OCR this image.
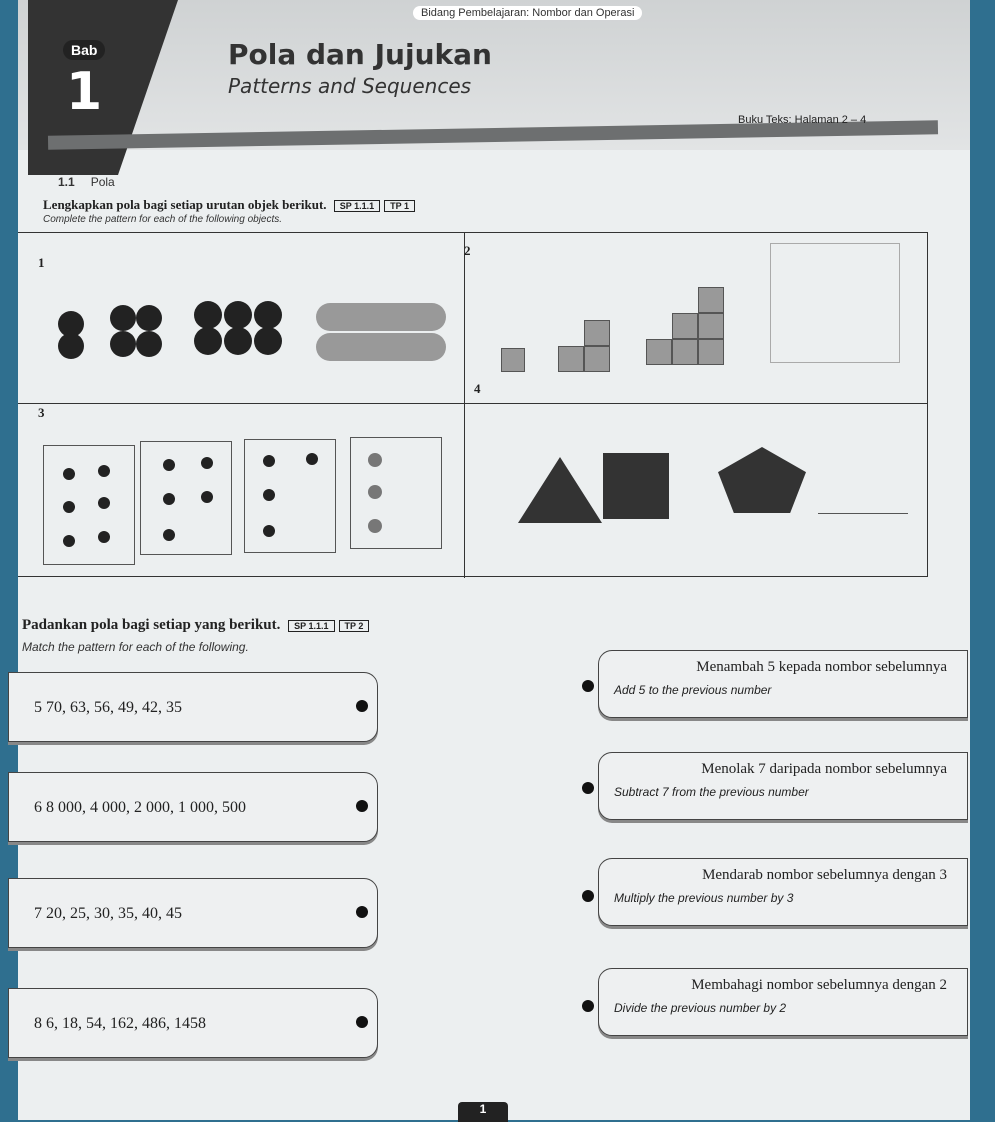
Bab
1
Bidang Pembelajaran: Nombor dan Operasi
Pola dan Jujukan
Patterns and Sequences
Buku Teks: Halaman 2 – 4
1.1 Pola
Lengkapkan pola bagi setiap urutan objek berikut. SP 1.1.1 TP 1
Complete the pattern for each of the following objects.
1
2
3
4
Padankan pola bagi setiap yang berikut. SP 1.1.1 TP 2
Match the pattern for each of the following.
5 70, 63, 56, 49, 42, 35
Menambah 5 kepada nombor sebelumnya
Add 5 to the previous number
6 8 000, 4 000, 2 000, 1 000, 500
Menolak 7 daripada nombor sebelumnya
Subtract 7 from the previous number
7 20, 25, 30, 35, 40, 45
Mendarab nombor sebelumnya dengan 3
Multiply the previous number by 3
8 6, 18, 54, 162, 486, 1458
Membahagi nombor sebelumnya dengan 2
Divide the previous number by 2
1
